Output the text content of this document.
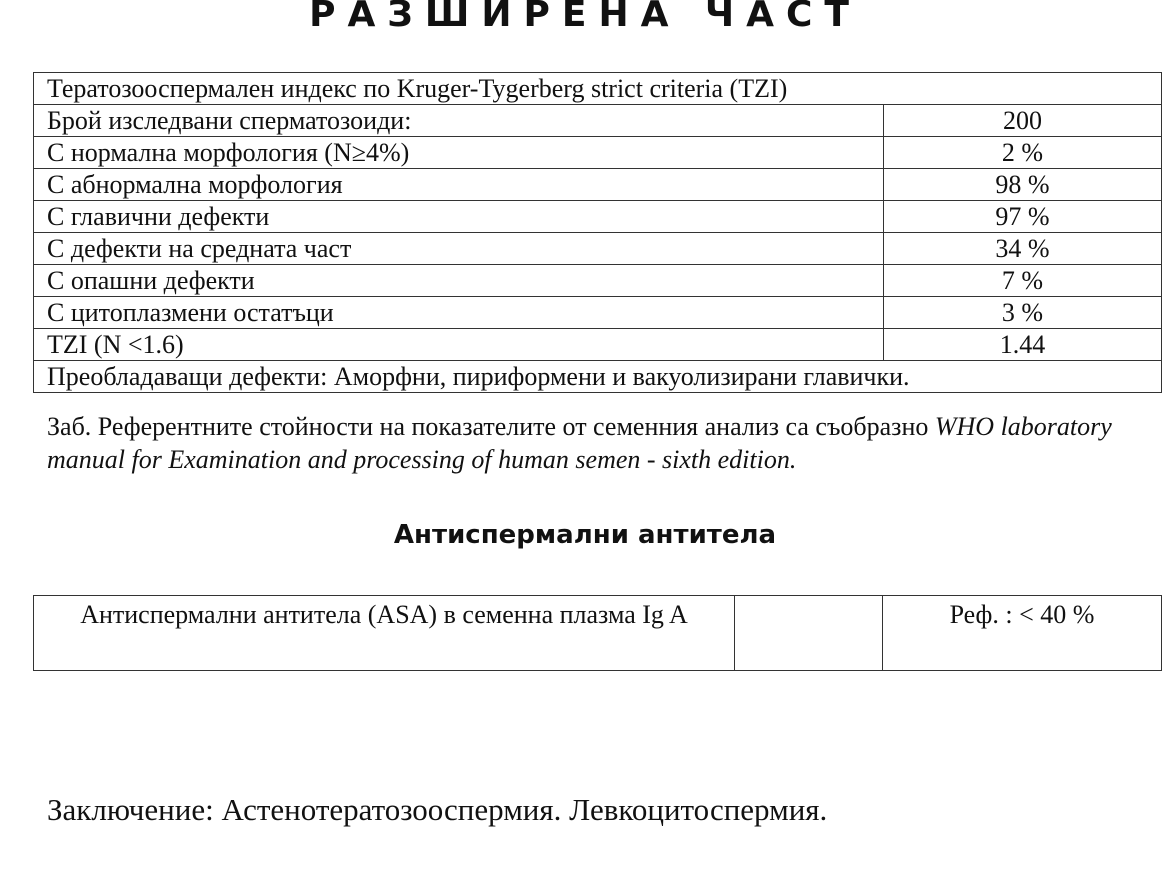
РАЗШИРЕНА ЧАСТ
Тератозооспермален индекс по Kruger-Tygerberg strict criteria (TZI)	
Брой изследвани сперматозоиди:	200
С нормална морфология (N≥4%)	2 %
С абнормална морфология	98 %
С главични дефекти	97 %
С дефекти на средната част	34 %
С опашни дефекти	7 %
С цитоплазмени остатъци	3 %
TZI (N <1.6)	1.44
Преобладаващи дефекти: Аморфни, пириформени и вакуолизирани главички.	

Заб. Референтните стойности на показателите от семенния анализ са съобразно WHO laboratory manual for Examination and processing of human semen - sixth edition.

Антиспермални антитела
Антиспермални антитела (ASA) в семенна плазма Ig A		Реф. : < 40 %

Заключение: Астенотератозооспермия. Левкоцитоспермия.
